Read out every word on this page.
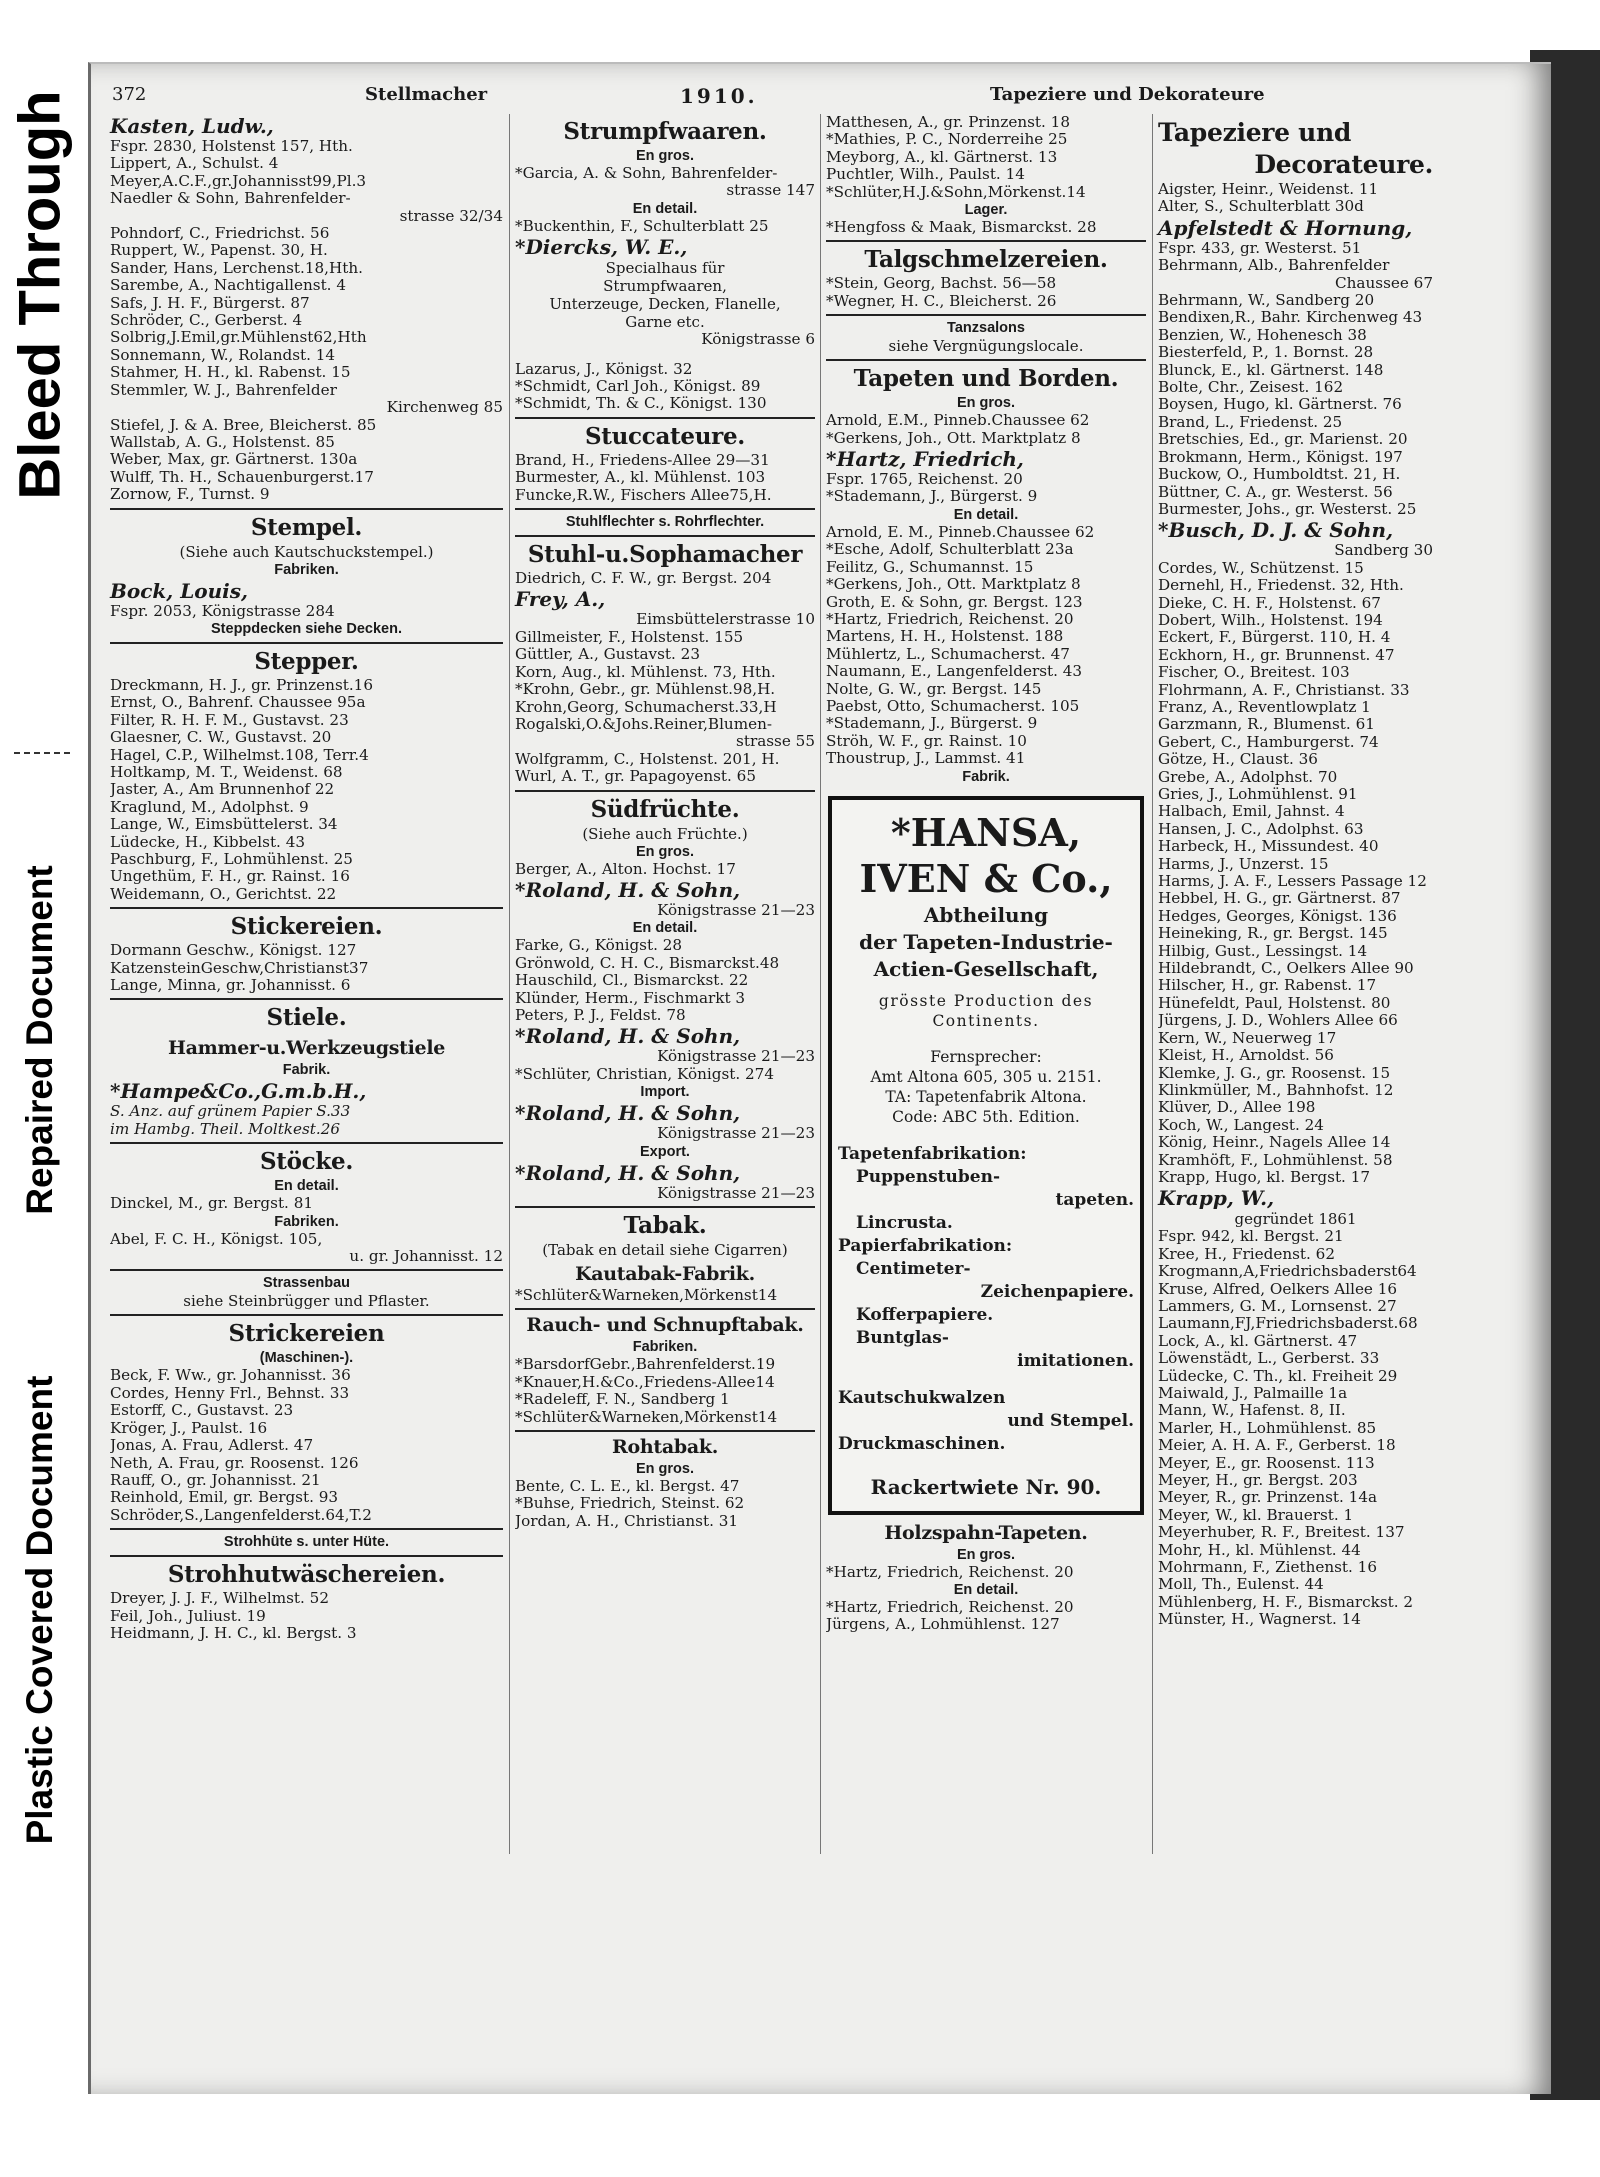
Bleed Through
Repaired Document
Plastic Covered Document
372	Stellmacher	1910.	Tapeziere und Dekorateure
Kasten, Ludw.,
Fspr. 2830, Holstenst 157, Hth.
Lippert, A., Schulst. 4
Meyer,A.C.F.,gr.Johannisst99,Pl.3
Naedler & Sohn, Bahrenfelder-
strasse 32/34
Pohndorf, C., Friedrichst. 56
Ruppert, W., Papenst. 30, H.
Sander, Hans, Lerchenst.18,Hth.
Sarembe, A., Nachtigallenst. 4
Safs, J. H. F., Bürgerst. 87
Schröder, C., Gerberst. 4
Solbrig,J.Emil,gr.Mühlenst62,Hth
Sonnemann, W., Rolandst. 14
Stahmer, H. H., kl. Rabenst. 15
Stemmler, W. J., Bahrenfelder
Kirchenweg 85
Stiefel, J. & A. Bree, Bleicherst. 85
Wallstab, A. G., Holstenst. 85
Weber, Max, gr. Gärtnerst. 130a
Wulff, Th. H., Schauenburgerst.17
Zornow, F., Turnst. 9
Stempel.
(Siehe auch Kautschuckstempel.)
Fabriken.
Bock, Louis,
Fspr. 2053, Königstrasse 284
Steppdecken siehe Decken.
Stepper.
Dreckmann, H. J., gr. Prinzenst.16
Ernst, O., Bahrenf. Chaussee 95a
Filter, R. H. F. M., Gustavst. 23
Glaesner, C. W., Gustavst. 20
Hagel, C.P., Wilhelmst.108, Terr.4
Holtkamp, M. T., Weidenst. 68
Jaster, A., Am Brunnenhof 22
Kraglund, M., Adolphst. 9
Lange, W., Eimsbüttelerst. 34
Lüdecke, H., Kibbelst. 43
Paschburg, F., Lohmühlenst. 25
Ungethüm, F. H., gr. Rainst. 16
Weidemann, O., Gerichtst. 22
Stickereien.
Dormann Geschw., Königst. 127
KatzensteinGeschw,Christianst37
Lange, Minna, gr. Johannisst. 6
Stiele.
Hammer-u.Werkzeugstiele
Fabrik.
*Hampe&Co.,G.m.b.H.,
S. Anz. auf grünem Papier S.33
im Hambg. Theil. Moltkest.26
Stöcke.
En detail.
Dinckel, M., gr. Bergst. 81
Fabriken.
Abel, F. C. H., Königst. 105,
u. gr. Johannisst. 12
Strassenbau
siehe Steinbrügger und Pflaster.
Strickereien
(Maschinen-).
Beck, F. Ww., gr. Johannisst. 36
Cordes, Henny Frl., Behnst. 33
Estorff, C., Gustavst. 23
Kröger, J., Paulst. 16
Jonas, A. Frau, Adlerst. 47
Neth, A. Frau, gr. Roosenst. 126
Rauff, O., gr. Johannisst. 21
Reinhold, Emil, gr. Bergst. 93
Schröder,S.,Langenfelderst.64,T.2
Strohhüte s. unter Hüte.
Strohhutwäschereien.
Dreyer, J. J. F., Wilhelmst. 52
Feil, Joh., Juliust. 19
Heidmann, J. H. C., kl. Bergst. 3
Strumpfwaaren.
En gros.
*Garcia, A. & Sohn, Bahrenfelder-
strasse 147
En detail.
*Buckenthin, F., Schulterblatt 25
*Diercks, W. E.,
Specialhaus für
Strumpfwaaren,
Unterzeuge, Decken, Flanelle,
Garne etc.
Königstrasse 6
Lazarus, J., Königst. 32
*Schmidt, Carl Joh., Königst. 89
*Schmidt, Th. & C., Königst. 130
Stuccateure.
Brand, H., Friedens-Allee 29—31
Burmester, A., kl. Mühlenst. 103
Funcke,R.W., Fischers Allee75,H.
Stuhlflechter s. Rohrflechter.
Stuhl-u.Sophamacher
Diedrich, C. F. W., gr. Bergst. 204
Frey, A.,
Eimsbüttelerstrasse 10
Gillmeister, F., Holstenst. 155
Güttler, A., Gustavst. 23
Korn, Aug., kl. Mühlenst. 73, Hth.
*Krohn, Gebr., gr. Mühlenst.98,H.
Krohn,Georg, Schumacherst.33,H
Rogalski,O.&Johs.Reiner,Blumen-
strasse 55
Wolfgramm, C., Holstenst. 201, H.
Wurl, A. T., gr. Papagoyenst. 65
Südfrüchte.
(Siehe auch Früchte.)
En gros.
Berger, A., Alton. Hochst. 17
*Roland, H. & Sohn,
Königstrasse 21—23
En detail.
Farke, G., Königst. 28
Grönwold, C. H. C., Bismarckst.48
Hauschild, Cl., Bismarckst. 22
Klünder, Herm., Fischmarkt 3
Peters, P. J., Feldst. 78
*Roland, H. & Sohn,
Königstrasse 21—23
*Schlüter, Christian, Königst. 274
Import.
*Roland, H. & Sohn,
Königstrasse 21—23
Export.
*Roland, H. & Sohn,
Königstrasse 21—23
Tabak.
(Tabak en detail siehe Cigarren)
Kautabak-Fabrik.
*Schlüter&Warneken,Mörkenst14
Rauch- und Schnupftabak.
Fabriken.
*BarsdorfGebr.,Bahrenfelderst.19
*Knauer,H.&Co.,Friedens-Allee14
*Radeleff, F. N., Sandberg 1
*Schlüter&Warneken,Mörkenst14
Rohtabak.
En gros.
Bente, C. L. E., kl. Bergst. 47
*Buhse, Friedrich, Steinst. 62
Jordan, A. H., Christianst. 31
Matthesen, A., gr. Prinzenst. 18
*Mathies, P. C., Norderreihe 25
Meyborg, A., kl. Gärtnerst. 13
Puchtler, Wilh., Paulst. 14
*Schlüter,H.J.&Sohn,Mörkenst.14
Lager.
*Hengfoss & Maak, Bismarckst. 28
Talgschmelzereien.
*Stein, Georg, Bachst. 56—58
*Wegner, H. C., Bleicherst. 26
Tanzsalons
siehe Vergnügungslocale.
Tapeten und Borden.
En gros.
Arnold, E.M., Pinneb.Chaussee 62
*Gerkens, Joh., Ott. Marktplatz 8
*Hartz, Friedrich,
Fspr. 1765, Reichenst. 20
*Stademann, J., Bürgerst. 9
En detail.
Arnold, E. M., Pinneb.Chaussee 62
*Esche, Adolf, Schulterblatt 23a
Feilitz, G., Schumannst. 15
*Gerkens, Joh., Ott. Marktplatz 8
Groth, E. & Sohn, gr. Bergst. 123
*Hartz, Friedrich, Reichenst. 20
Martens, H. H., Holstenst. 188
Mühlertz, L., Schumacherst. 47
Naumann, E., Langenfelderst. 43
Nolte, G. W., gr. Bergst. 145
Paebst, Otto, Schumacherst. 105
*Stademann, J., Bürgerst. 9
Ströh, W. F., gr. Rainst. 10
Thoustrup, J., Lammst. 41
Fabrik.
*HANSA,
IVEN & Co.,
Abtheilung
der Tapeten-Industrie-
Actien-Gesellschaft,
grösste Production des
Continents.
Fernsprecher:
Amt Altona 605, 305 u. 2151.
TA: Tapetenfabrik Altona.
Code: ABC 5th. Edition.
Tapetenfabrikation:
Puppenstuben-
tapeten.
Lincrusta.
Papierfabrikation:
Centimeter-
Zeichenpapiere.
Kofferpapiere.
Buntglas-
imitationen.
Kautschukwalzen
und Stempel.
Druckmaschinen.
Rackertwiete Nr. 90.
Holzspahn-Tapeten.
En gros.
*Hartz, Friedrich, Reichenst. 20
En detail.
*Hartz, Friedrich, Reichenst. 20
Jürgens, A., Lohmühlenst. 127
Tapeziere und
Decorateure.
Aigster, Heinr., Weidenst. 11
Alter, S., Schulterblatt 30d
Apfelstedt & Hornung,
Fspr. 433, gr. Westerst. 51
Behrmann, Alb., Bahrenfelder
Chaussee 67
Behrmann, W., Sandberg 20
Bendixen,R., Bahr. Kirchenweg 43
Benzien, W., Hohenesch 38
Biesterfeld, P., 1. Bornst. 28
Blunck, E., kl. Gärtnerst. 148
Bolte, Chr., Zeisest. 162
Boysen, Hugo, kl. Gärtnerst. 76
Brand, L., Friedenst. 25
Bretschies, Ed., gr. Marienst. 20
Brokmann, Herm., Königst. 197
Buckow, O., Humboldtst. 21, H.
Büttner, C. A., gr. Westerst. 56
Burmester, Johs., gr. Westerst. 25
*Busch, D. J. & Sohn,
Sandberg 30
Cordes, W., Schützenst. 15
Dernehl, H., Friedenst. 32, Hth.
Dieke, C. H. F., Holstenst. 67
Dobert, Wilh., Holstenst. 194
Eckert, F., Bürgerst. 110, H. 4
Eckhorn, H., gr. Brunnenst. 47
Fischer, O., Breitest. 103
Flohrmann, A. F., Christianst. 33
Franz, A., Reventlowplatz 1
Garzmann, R., Blumenst. 61
Gebert, C., Hamburgerst. 74
Götze, H., Claust. 36
Grebe, A., Adolphst. 70
Gries, J., Lohmühlenst. 91
Halbach, Emil, Jahnst. 4
Hansen, J. C., Adolphst. 63
Harbeck, H., Missundest. 40
Harms, J., Unzerst. 15
Harms, J. A. F., Lessers Passage 12
Hebbel, H. G., gr. Gärtnerst. 87
Hedges, Georges, Königst. 136
Heineking, R., gr. Bergst. 145
Hilbig, Gust., Lessingst. 14
Hildebrandt, C., Oelkers Allee 90
Hilscher, H., gr. Rabenst. 17
Hünefeldt, Paul, Holstenst. 80
Jürgens, J. D., Wohlers Allee 66
Kern, W., Neuerweg 17
Kleist, H., Arnoldst. 56
Klemke, J. G., gr. Roosenst. 15
Klinkmüller, M., Bahnhofst. 12
Klüver, D., Allee 198
Koch, W., Langest. 24
König, Heinr., Nagels Allee 14
Kramhöft, F., Lohmühlenst. 58
Krapp, Hugo, kl. Bergst. 17
Krapp, W.,
gegründet 1861
Fspr. 942, kl. Bergst. 21
Kree, H., Friedenst. 62
Krogmann,A,Friedrichsbaderst64
Kruse, Alfred, Oelkers Allee 16
Lammers, G. M., Lornsenst. 27
Laumann,FJ,Friedrichsbaderst.68
Lock, A., kl. Gärtnerst. 47
Löwenstädt, L., Gerberst. 33
Lüdecke, C. Th., kl. Freiheit 29
Maiwald, J., Palmaille 1a
Mann, W., Hafenst. 8, II.
Marler, H., Lohmühlenst. 85
Meier, A. H. A. F., Gerberst. 18
Meyer, E., gr. Roosenst. 113
Meyer, H., gr. Bergst. 203
Meyer, R., gr. Prinzenst. 14a
Meyer, W., kl. Brauerst. 1
Meyerhuber, R. F., Breitest. 137
Mohr, H., kl. Mühlenst. 44
Mohrmann, F., Ziethenst. 16
Moll, Th., Eulenst. 44
Mühlenberg, H. F., Bismarckst. 2
Münster, H., Wagnerst. 14
